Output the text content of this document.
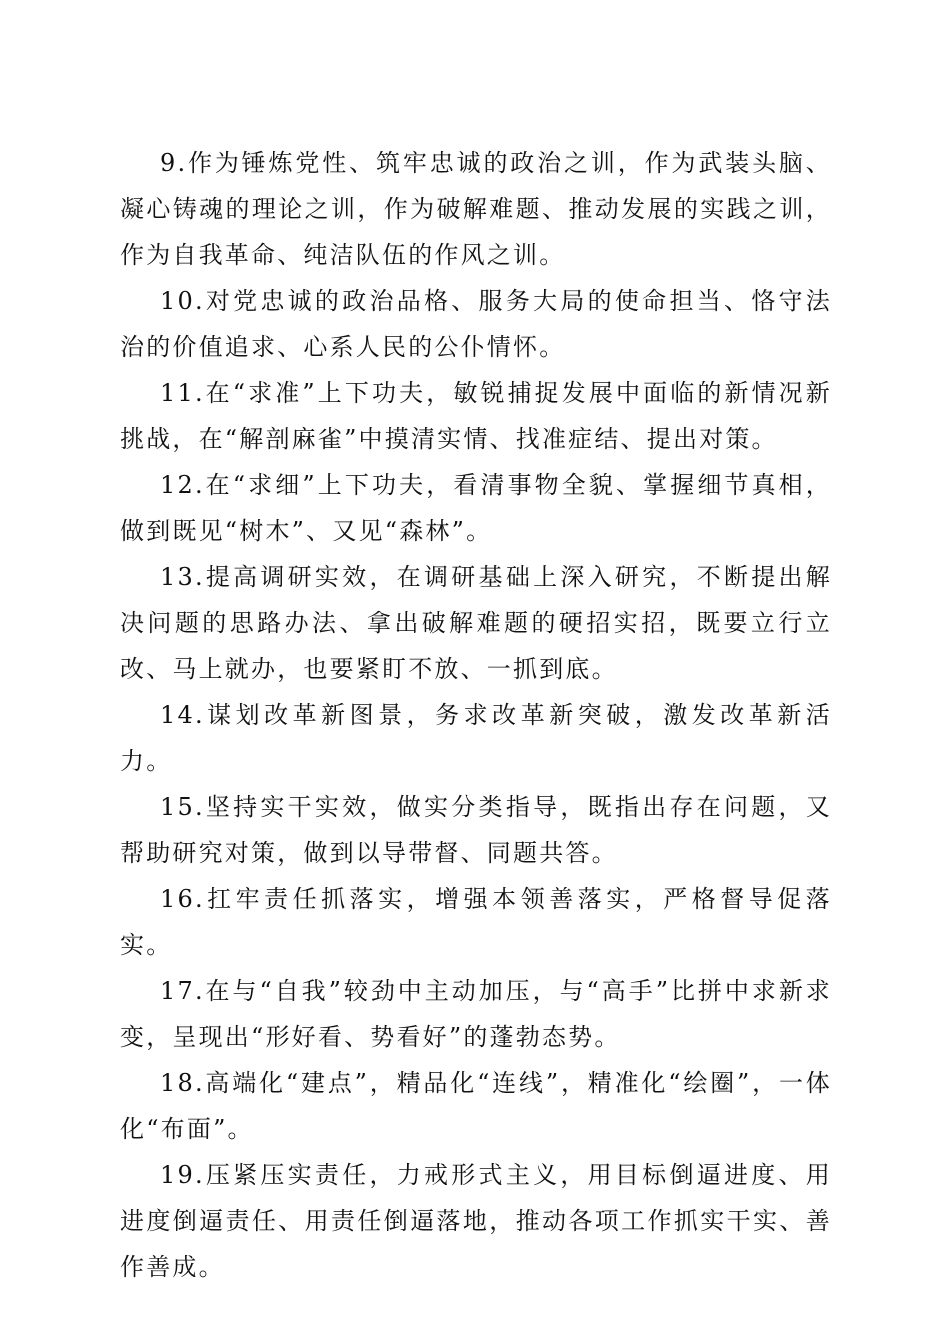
9.作为锤炼党性、筑牢忠诚的政治之训，作为武装头脑、凝心铸魂的理论之训，作为破解难题、推动发展的实践之训，作为自我革命、纯洁队伍的作风之训。

10.对党忠诚的政治品格、服务大局的使命担当、恪守法治的价值追求、心系人民的公仆情怀。

11.在“求准”上下功夫，敏锐捕捉发展中面临的新情况新挑战，在“解剖麻雀”中摸清实情、找准症结、提出对策。

12.在“求细”上下功夫，看清事物全貌、掌握细节真相，做到既见“树木”、又见“森林”。

13.提高调研实效，在调研基础上深入研究，不断提出解决问题的思路办法、拿出破解难题的硬招实招，既要立行立改、马上就办，也要紧盯不放、一抓到底。

14.谋划改革新图景，务求改革新突破，激发改革新活力。

15.坚持实干实效，做实分类指导，既指出存在问题，又帮助研究对策，做到以导带督、同题共答。

16.扛牢责任抓落实，增强本领善落实，严格督导促落实。

17.在与“自我”较劲中主动加压，与“高手”比拼中求新求变，呈现出“形好看、势看好”的蓬勃态势。

18.高端化“建点”，精品化“连线”，精准化“绘圈”，一体化“布面”。

19.压紧压实责任，力戒形式主义，用目标倒逼进度、用进度倒逼责任、用责任倒逼落地，推动各项工作抓实干实、善作善成。
